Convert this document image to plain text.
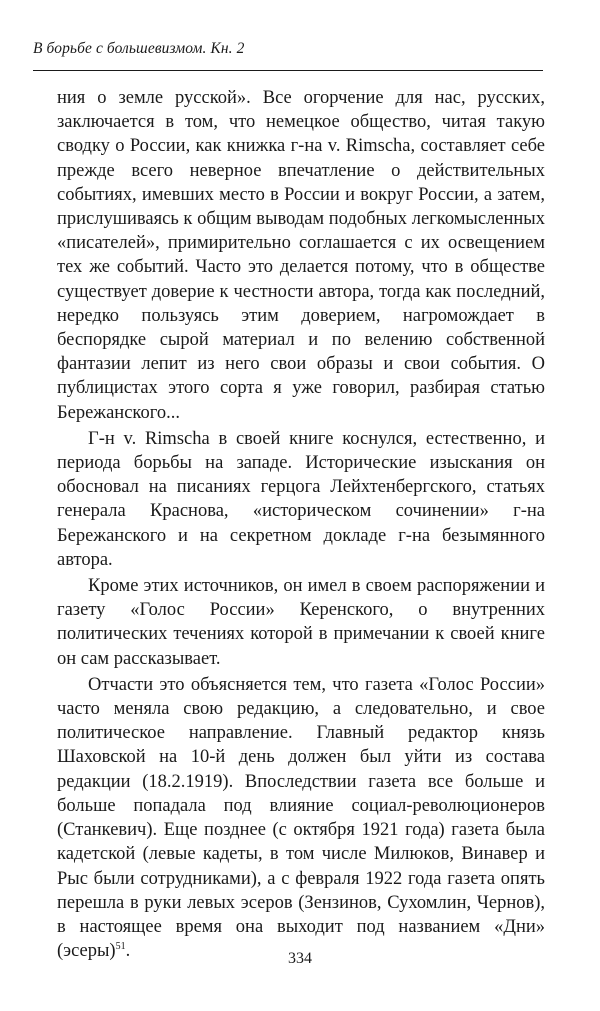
В борьбе с большевизмом. Кн. 2

ния о земле русской». Все огорчение для нас, русских, заключается в том, что немецкое общество, читая такую сводку о России, как книжка г-на v. Rimscha, составляет себе прежде всего неверное впечатление о действительных событиях, имевших место в России и вокруг России, а затем, прислушиваясь к общим выводам подобных легкомысленных «писателей», примирительно соглашается с их освещением тех же событий. Часто это делается потому, что в обществе существует доверие к честности автора, тогда как последний, нередко пользуясь этим доверием, нагромождает в беспорядке сырой материал и по велению собственной фантазии лепит из него свои образы и свои события. О публицистах этого сорта я уже говорил, разбирая статью Бережанского...

Г-н v. Rimscha в своей книге коснулся, естественно, и периода борьбы на западе. Исторические изыскания он обосновал на писаниях герцога Лейхтенбергского, статьях генерала Краснова, «историческом сочинении» г-на Бережанского и на секретном докладе г-на безымянного автора.

Кроме этих источников, он имел в своем распоряжении и газету «Голос России» Керенского, о внутренних политических течениях которой в примечании к своей книге он сам рассказывает.

Отчасти это объясняется тем, что газета «Голос России» часто меняла свою редакцию, а следовательно, и свое политическое направление. Главный редактор князь Шаховской на 10-й день должен был уйти из состава редакции (18.2.1919). Впоследствии газета все больше и больше попадала под влияние социал-революционеров (Станкевич). Еще позднее (с октября 1921 года) газета была кадетской (левые кадеты, в том числе Милюков, Винавер и Рыс были сотрудниками), а с февраля 1922 года газета опять перешла в руки левых эсеров (Зензинов, Сухомлин, Чернов), в настоящее время она выходит под названием «Дни» (эсеры)$^{51}$.	334
